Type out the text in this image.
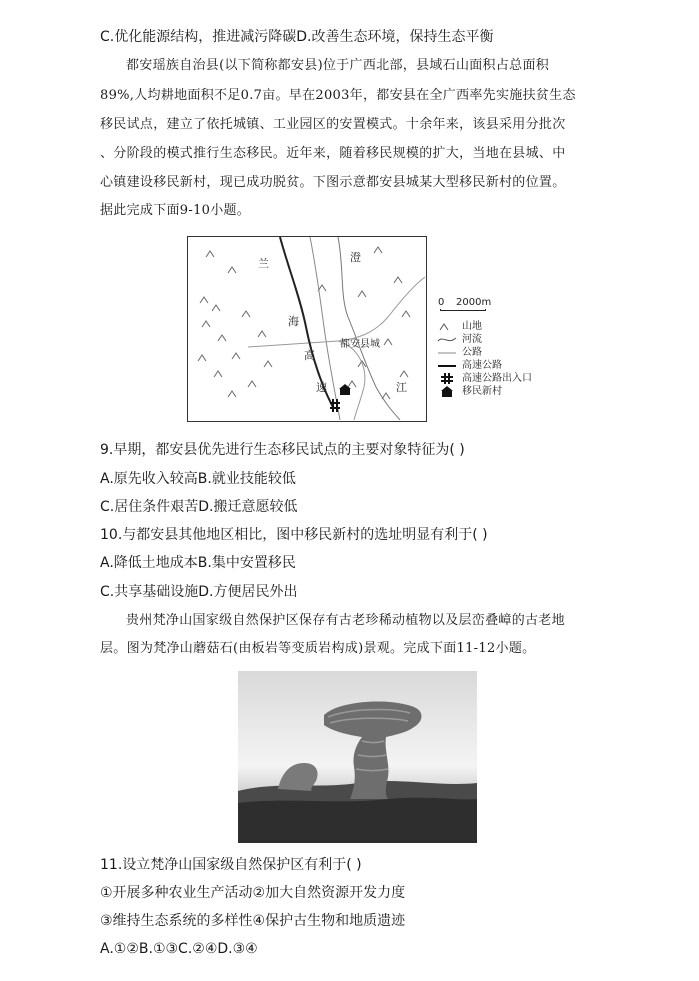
C.优化能源结构，推进减污降碳D.改善生态环境，保持生态平衡
都安瑶族自治县(以下简称都安县)位于广西北部，县域石山面积占总面积
89%,人均耕地面积不足0.7亩。早在2003年，都安县在全广西率先实施扶贫生态
移民试点，建立了依托城镇、工业园区的安置模式。十余年来，该县采用分批次
、分阶段的模式推行生态移民。近年来，随着移民规模的扩大，当地在县城、中
心镇建设移民新村，现已成功脱贫。下图示意都安县城某大型移民新村的位置。
据此完成下面9-10小题。
兰
海
高
速
澄
江
都安县城
0 2000m
山地
河流
公路
高速公路
高速公路出入口
移民新村
9.早期，都安县优先进行生态移民试点的主要对象特征为( )
A.原先收入较高B.就业技能较低
C.居住条件艰苦D.搬迁意愿较低
10.与都安县其他地区相比，图中移民新村的选址明显有利于( )
A.降低土地成本B.集中安置移民
C.共享基础设施D.方便居民外出
贵州梵净山国家级自然保护区保存有古老珍稀动植物以及层峦叠嶂的古老地
层。图为梵净山蘑菇石(由板岩等变质岩构成)景观。完成下面11-12小题。
11.设立梵净山国家级自然保护区有利于( )
①开展多种农业生产活动②加大自然资源开发力度
③维持生态系统的多样性④保护古生物和地质遗迹
A.①②B.①③C.②④D.③④
